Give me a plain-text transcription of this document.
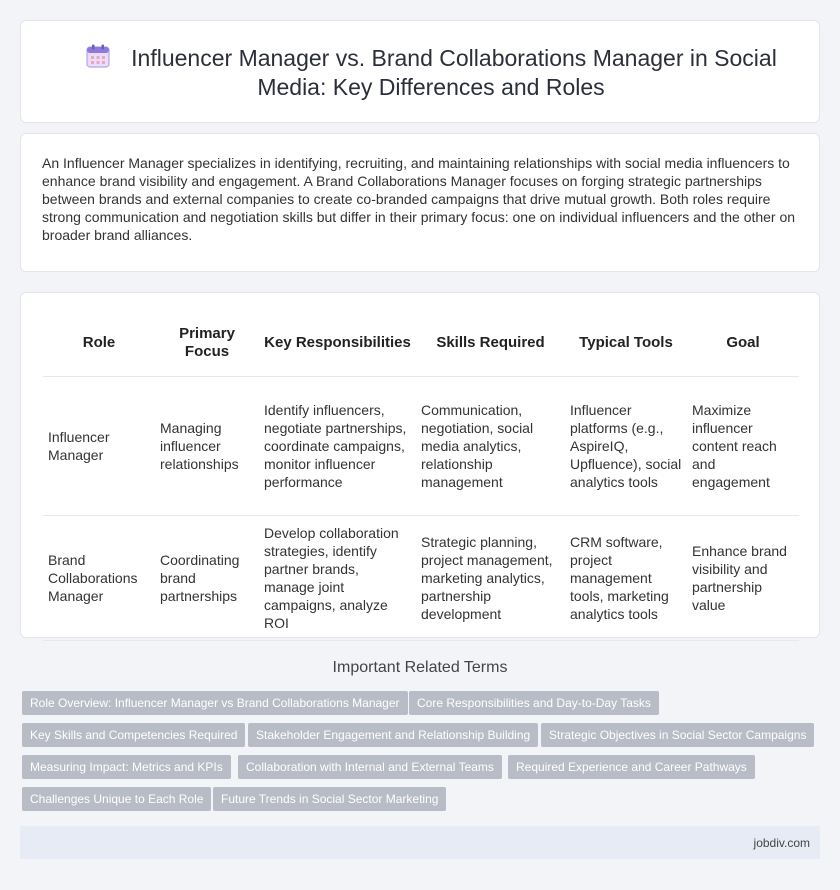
Influencer Manager vs. Brand Collaborations Manager in Social Media: Key Differences and Roles

An Influencer Manager specializes in identifying, recruiting, and maintaining relationships with social media influencers to enhance brand visibility and engagement. A Brand Collaborations Manager focuses on forging strategic partnerships between brands and external companies to create co-branded campaigns that drive mutual growth. Both roles require strong communication and negotiation skills but differ in their primary focus: one on individual influencers and the other on broader brand alliances.

Role	Primary Focus	Key Responsibilities	Skills Required	Typical Tools	Goal
Influencer Manager	Managing influencer relationships	Identify influencers, negotiate partnerships, coordinate campaigns, monitor influencer performance	Communication, negotiation, social media analytics, relationship management	Influencer platforms (e.g., AspireIQ, Upfluence), social analytics tools	Maximize influencer content reach and engagement
Brand Collaborations Manager	Coordinating brand partnerships	Develop collaboration strategies, identify partner brands, manage joint campaigns, analyze ROI	Strategic planning, project management, marketing analytics, partnership development	CRM software, project management tools, marketing analytics tools	Enhance brand visibility and partnership value
Important Related Terms
Role Overview: Influencer Manager vs Brand Collaborations Manager	Core Responsibilities and Day-to-Day Tasks
Key Skills and Competencies Required	Stakeholder Engagement and Relationship Building	Strategic Objectives in Social Sector Campaigns
Measuring Impact: Metrics and KPIs	Collaboration with Internal and External Teams	Required Experience and Career Pathways
Challenges Unique to Each Role	Future Trends in Social Sector Marketing
jobdiv.com
